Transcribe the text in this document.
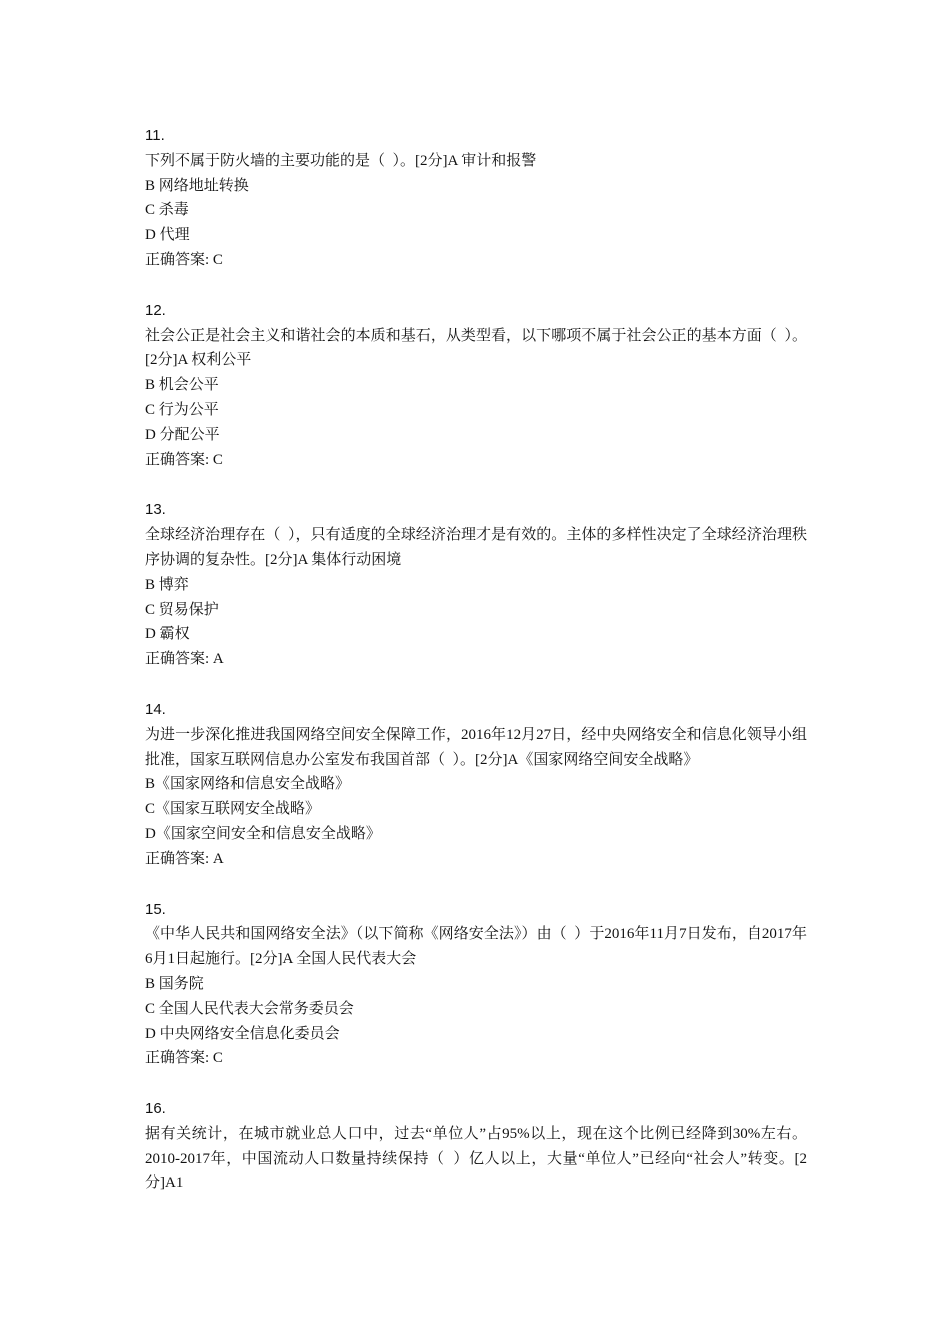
11.
下列不属于防火墙的主要功能的是（  ）。[2分]A 审计和报警
B 网络地址转换
C 杀毒
D 代理
正确答案: C
12.
社会公正是社会主义和谐社会的本质和基石，从类型看，以下哪项不属于社会公正的基本方面（  ）。[2分]A 权利公平
B 机会公平
C 行为公平
D 分配公平
正确答案: C
13.
全球经济治理存在（  ），只有适度的全球经济治理才是有效的。主体的多样性决定了全球经济治理秩序协调的复杂性。[2分]A 集体行动困境
B 博弈
C 贸易保护
D 霸权
正确答案: A
14.
为进一步深化推进我国网络空间安全保障工作，2016年12月27日，经中央网络安全和信息化领导小组批准，国家互联网信息办公室发布我国首部（  ）。[2分]A《国家网络空间安全战略》
B《国家网络和信息安全战略》
C《国家互联网安全战略》
D《国家空间安全和信息安全战略》
正确答案: A
15.
《中华人民共和国网络安全法》（以下简称《网络安全法》）由（  ）于2016年11月7日发布，自2017年6月1日起施行。[2分]A 全国人民代表大会
B 国务院
C 全国人民代表大会常务委员会
D 中央网络安全信息化委员会
正确答案: C
16.
据有关统计，在城市就业总人口中，过去“单位人”占95%以上，现在这个比例已经降到30%左右。2010-2017年，中国流动人口数量持续保持（  ）亿人以上，大量“单位人”已经向“社会人”转变。[2分]A1
